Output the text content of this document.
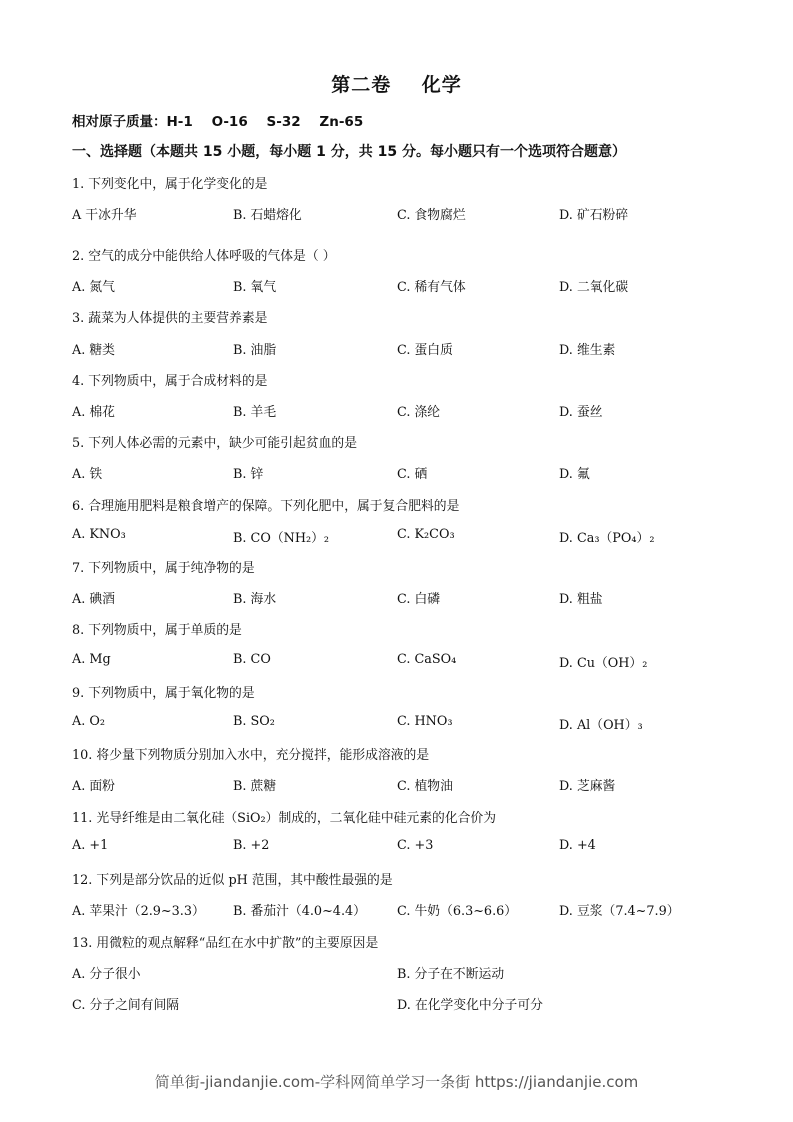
第二卷    化学
相对原子质量：H-1    O-16    S-32    Zn-65
一、选择题（本题共 15 小题，每小题 1 分，共 15 分。每小题只有一个选项符合题意）
1. 下列变化中，属于化学变化的是
A 干冰升华	B. 石蜡熔化	C. 食物腐烂	D. 矿石粉碎
2. 空气的成分中能供给人体呼吸的气体是（ ）
A. 氮气	B. 氧气	C. 稀有气体	D. 二氧化碳
3. 蔬菜为人体提供的主要营养素是
A. 糖类	B. 油脂	C. 蛋白质	D. 维生素
4. 下列物质中，属于合成材料的是
A. 棉花	B. 羊毛	C. 涤纶	D. 蚕丝
5. 下列人体必需的元素中，缺少可能引起贫血的是
A. 铁	B. 锌	C. 硒	D. 氟
6. 合理施用肥料是粮食增产的保障。下列化肥中，属于复合肥料的是
A. KNO₃	B. CO（NH₂）₂	C. K₂CO₃	D. Ca₃（PO₄）₂
7. 下列物质中，属于纯净物的是
A. 碘酒	B. 海水	C. 白磷	D. 粗盐
8. 下列物质中，属于单质的是
A. Mg	B. CO	C. CaSO₄	D. Cu（OH）₂
9. 下列物质中，属于氧化物的是
A. O₂	B. SO₂	C. HNO₃	D. Al（OH）₃
10. 将少量下列物质分别加入水中，充分搅拌，能形成溶液的是
A. 面粉	B. 蔗糖	C. 植物油	D. 芝麻酱
11. 光导纤维是由二氧化硅（SiO₂）制成的，二氧化硅中硅元素的化合价为
A. +1	B. +2	C. +3	D. +4
12. 下列是部分饮品的近似 pH 范围，其中酸性最强的是
A. 苹果汁（2.9~3.3） B. 番茄汁（4.0~4.4） C. 牛奶（6.3~6.6）	D. 豆浆（7.4~7.9）
13. 用微粒的观点解释“品红在水中扩散”的主要原因是
A. 分子很小	B. 分子在不断运动
C. 分子之间有间隔	D. 在化学变化中分子可分
简单街-jiandanjie.com-学科网简单学习一条街 https://jiandanjie.com
